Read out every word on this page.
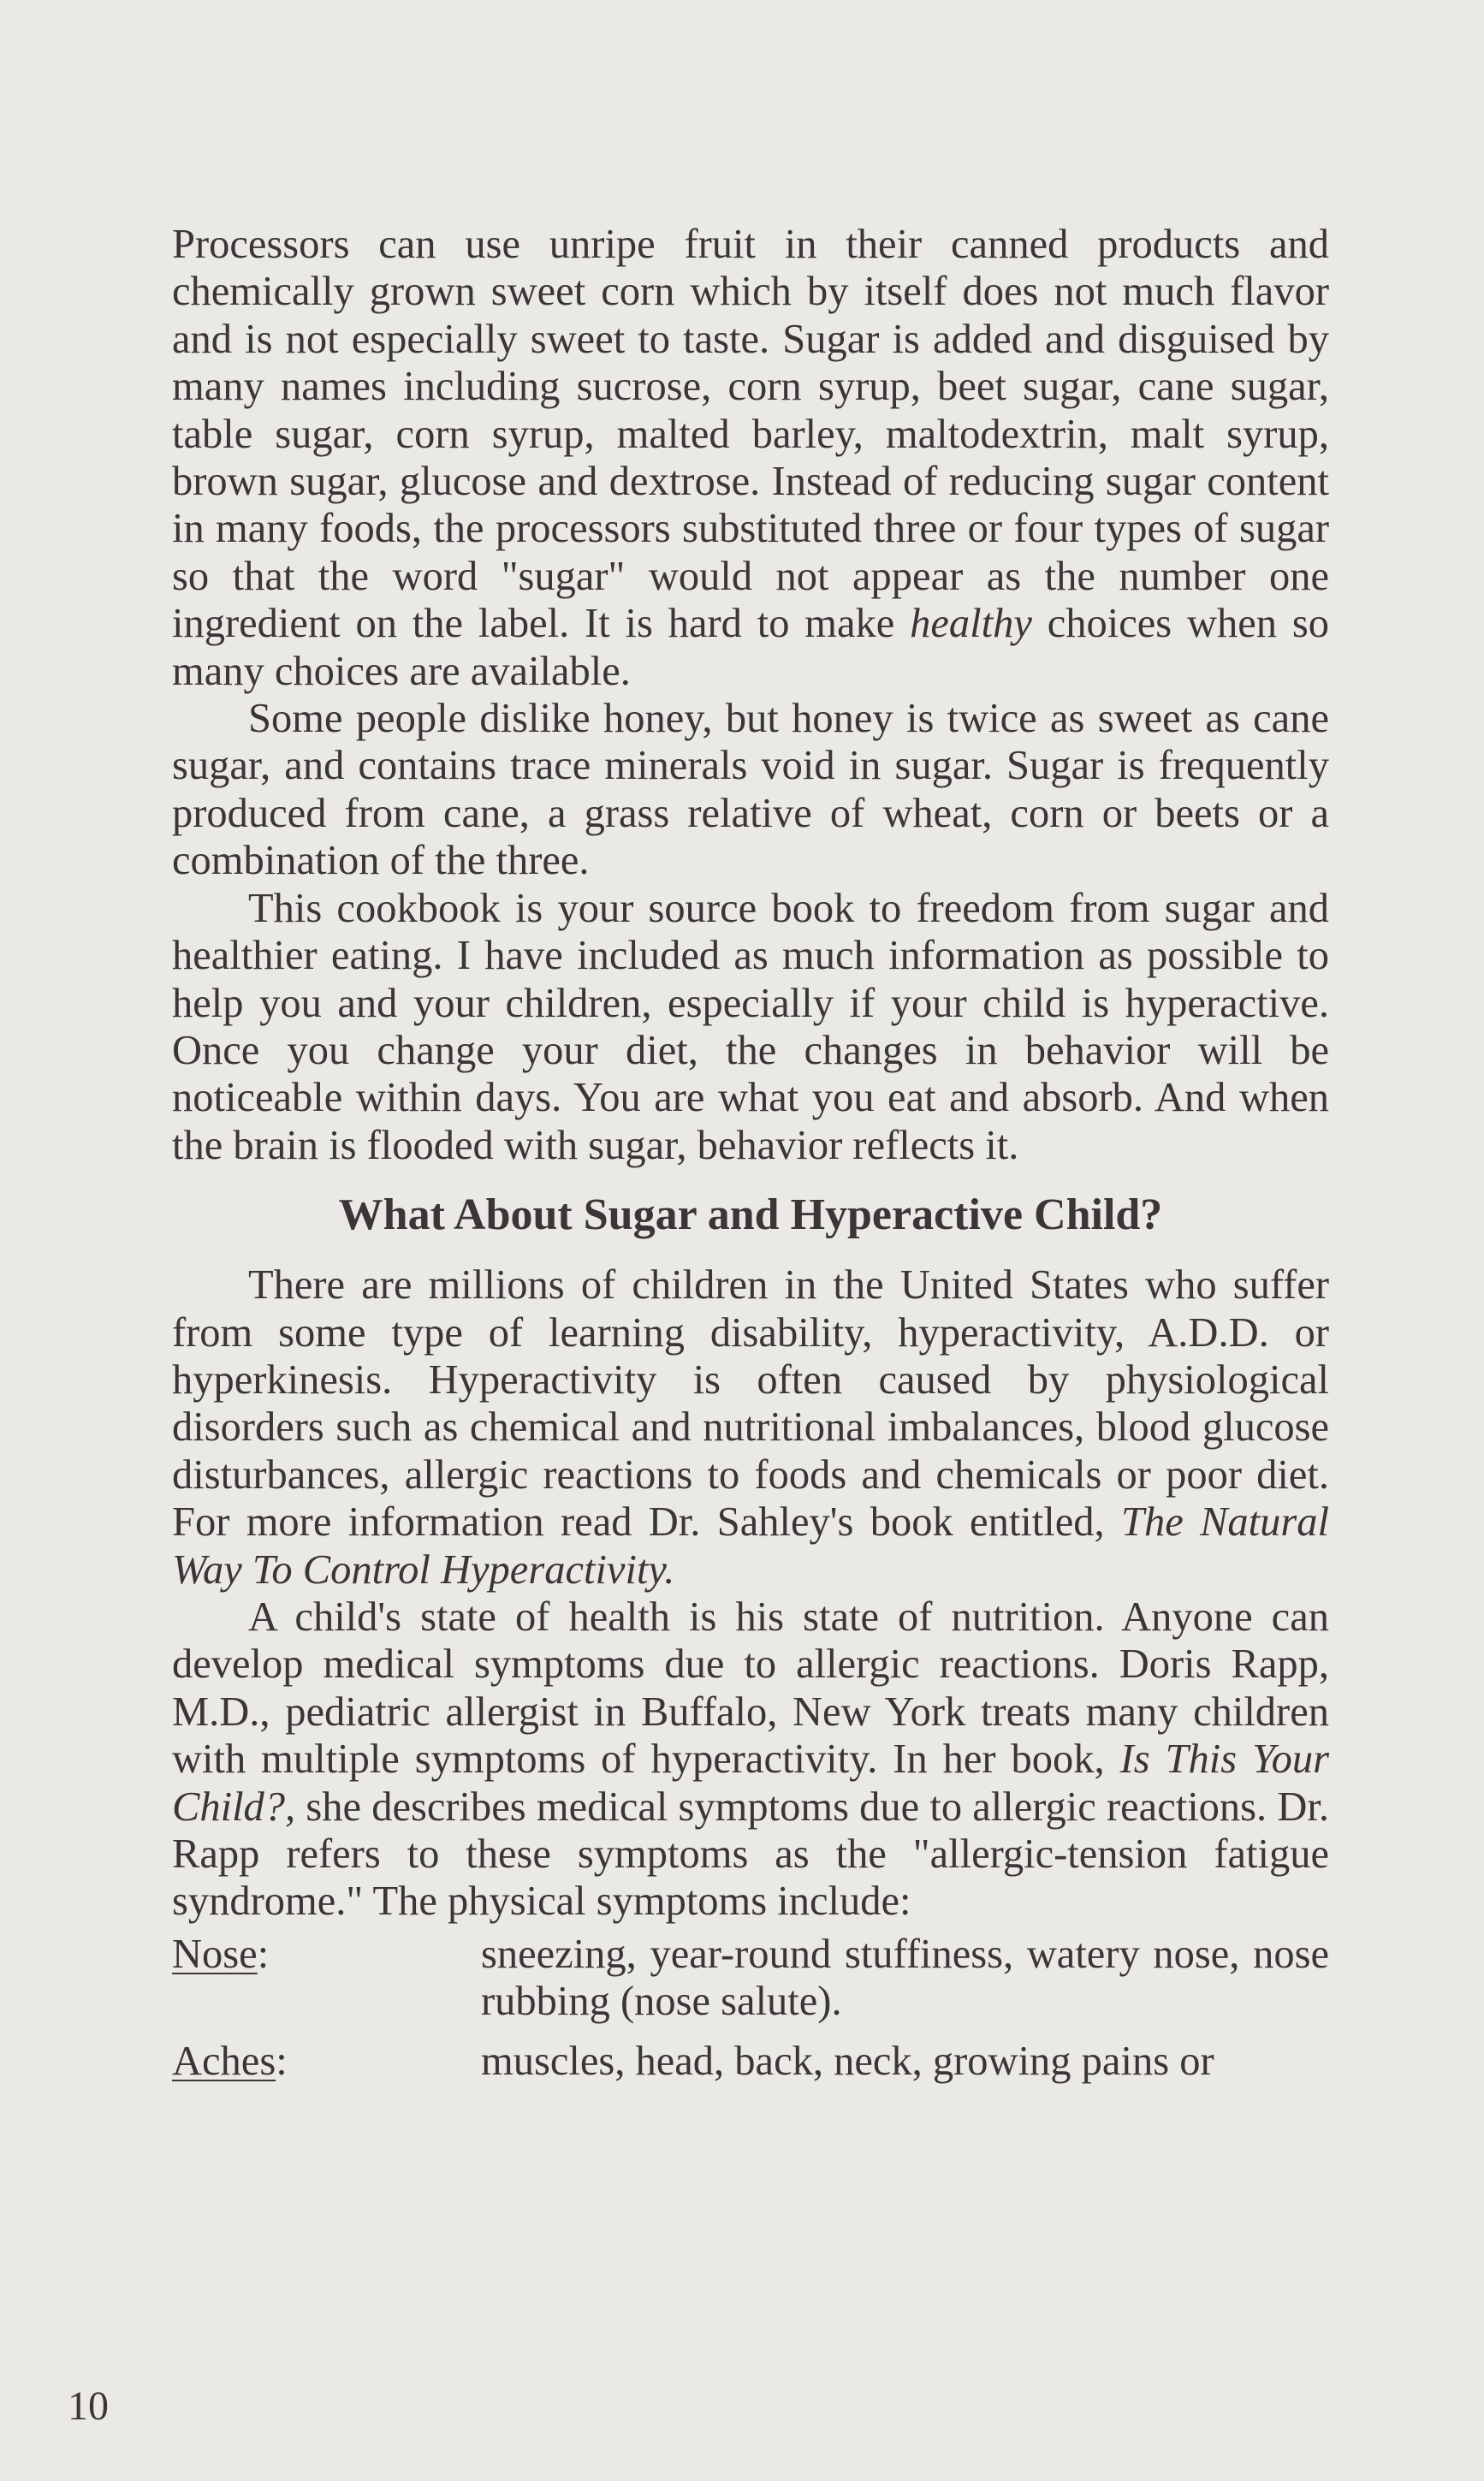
Processors can use unripe fruit in their canned products and chemically grown sweet corn which by itself does not much flavor and is not especially sweet to taste. Sugar is added and disguised by many names including sucrose, corn syrup, beet sugar, cane sugar, table sugar, corn syrup, malted barley, maltodextrin, malt syrup, brown sugar, glucose and dextrose. Instead of reducing sugar content in many foods, the processors substituted three or four types of sugar so that the word "sugar" would not appear as the number one ingredient on the label. It is hard to make healthy choices when so many choices are available.

Some people dislike honey, but honey is twice as sweet as cane sugar, and contains trace minerals void in sugar. Sugar is frequently produced from cane, a grass relative of wheat, corn or beets or a combination of the three.

This cookbook is your source book to freedom from sugar and healthier eating. I have included as much information as possible to help you and your children, especially if your child is hyperactive. Once you change your diet, the changes in behavior will be noticeable within days. You are what you eat and absorb. And when the brain is flooded with sugar, behavior reflects it.

What About Sugar and Hyperactive Child?

There are millions of children in the United States who suffer from some type of learning disability, hyperactivity, A.D.D. or hyperkinesis. Hyperactivity is often caused by physiological disorders such as chemical and nutritional imbalances, blood glucose disturbances, allergic reactions to foods and chemicals or poor diet. For more information read Dr. Sahley's book entitled, The Natural Way To Control Hyperactivity.

A child's state of health is his state of nutrition. Anyone can develop medical symptoms due to allergic reactions. Doris Rapp, M.D., pediatric allergist in Buffalo, New York treats many children with multiple symptoms of hyperactivity. In her book, Is This Your Child?, she describes medical symptoms due to allergic reactions. Dr. Rapp refers to these symptoms as the "allergic-tension fatigue syndrome." The physical symptoms include:

Nose:	sneezing, year-round stuffiness, watery nose, nose rubbing (nose salute).
Aches:	muscles, head, back, neck, growing pains or
10
